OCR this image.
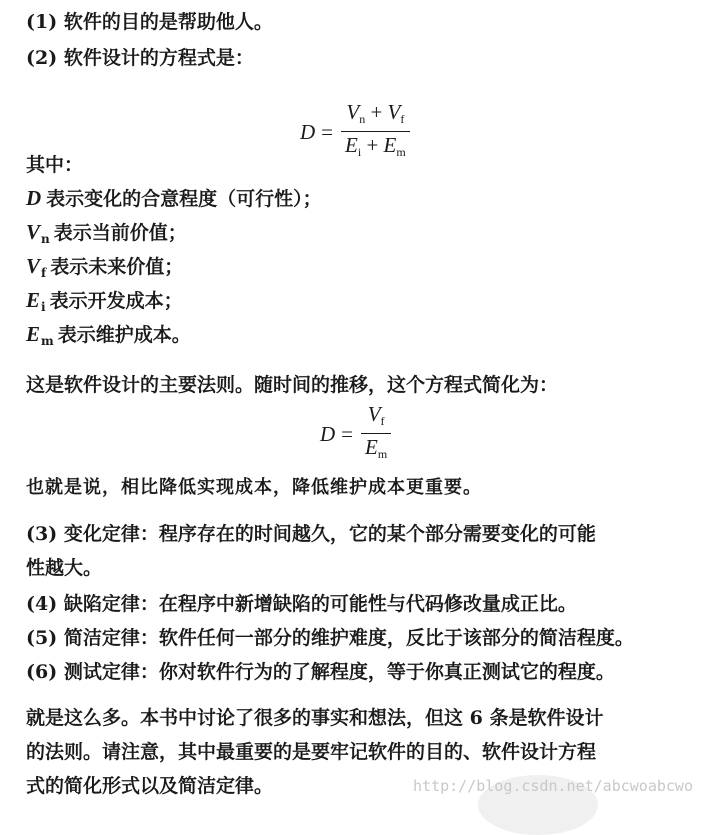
(1) 软件的目的是帮助他人。
(2) 软件设计的方程式是：
$D = \frac{Vn + Vf}{Ei + Em}$
其中：
D 表示变化的合意程度（可行性）；
$V_n$ 表示当前价值；
$V_f$ 表示未来价值；
$E_i$ 表示开发成本；
$E_m$ 表示维护成本。
这是软件设计的主要法则。随时间的推移，这个方程式简化为：
$D = \frac{Vf}{Em}$
也就是说，相比降低实现成本，降低维护成本更重要。
(3) 变化定律：程序存在的时间越久，它的某个部分需要变化的可能
性越大。
(4) 缺陷定律：在程序中新增缺陷的可能性与代码修改量成正比。
(5) 简洁定律：软件任何一部分的维护难度，反比于该部分的简洁程度。
(6) 测试定律：你对软件行为的了解程度，等于你真正测试它的程度。
就是这么多。本书中讨论了很多的事实和想法，但这 6 条是软件设计
的法则。请注意，其中最重要的是要牢记软件的目的、软件设计方程
式的简化形式以及简洁定律。	http://blog.csdn.net/abcwoabcwo
